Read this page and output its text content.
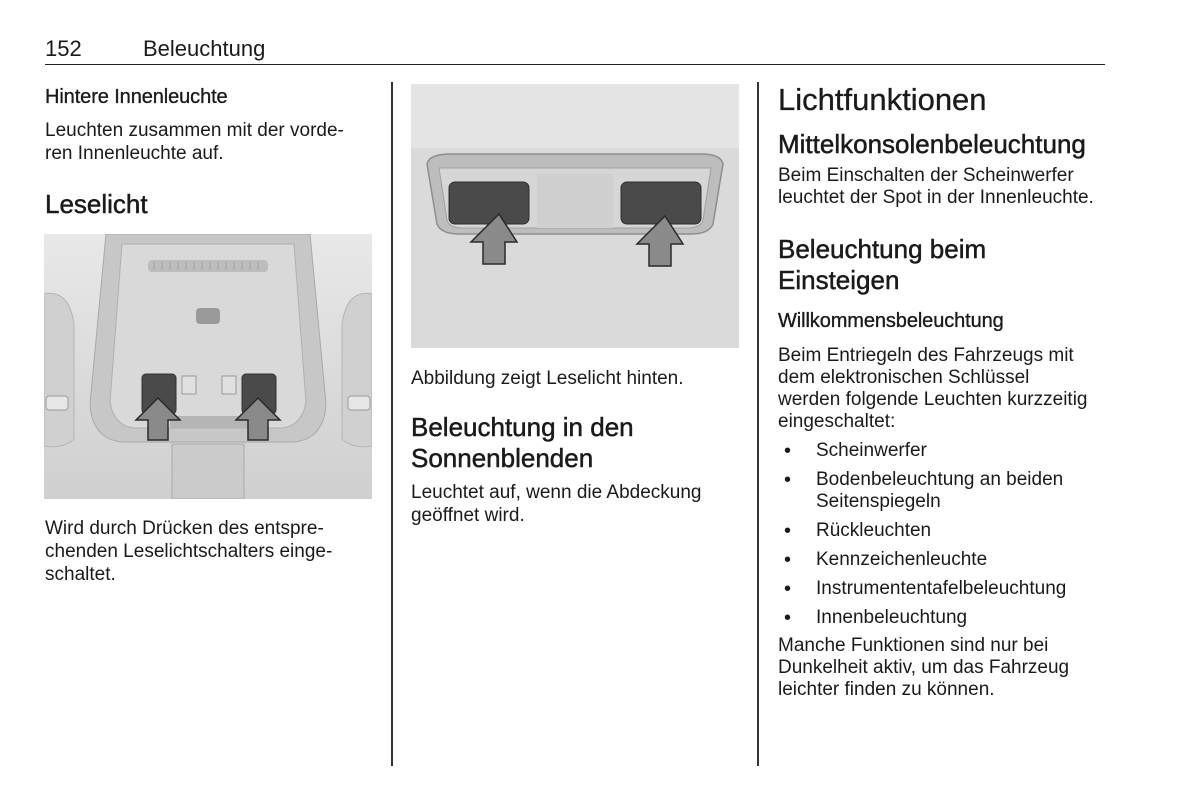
152	Beleuchtung
Hintere Innenleuchte

Leuchten zusammen mit der vorde-
ren Innenleuchte auf.

Leselicht

Wird durch Drücken des entspre-
chenden Leselichtschalters einge-
schaltet.

Abbildung zeigt Leselicht hinten.

Beleuchtung in den
Sonnenblenden

Leuchtet auf, wenn die Abdeckung
geöffnet wird.

Lichtfunktionen
Mittelkonsolenbeleuchtung

Beim Einschalten der Scheinwerfer
leuchtet der Spot in der Innenleuchte.

Beleuchtung beim
Einsteigen
Willkommensbeleuchtung

Beim Entriegeln des Fahrzeugs mit
dem elektronischen Schlüssel
werden folgende Leuchten kurzzeitig
eingeschaltet:

• Scheinwerfer
• Bodenbeleuchtung an beiden
Seitenspiegeln
• Rückleuchten
• Kennzeichenleuchte
• Instrumententafelbeleuchtung
• Innenbeleuchtung

Manche Funktionen sind nur bei
Dunkelheit aktiv, um das Fahrzeug
leichter finden zu können.
